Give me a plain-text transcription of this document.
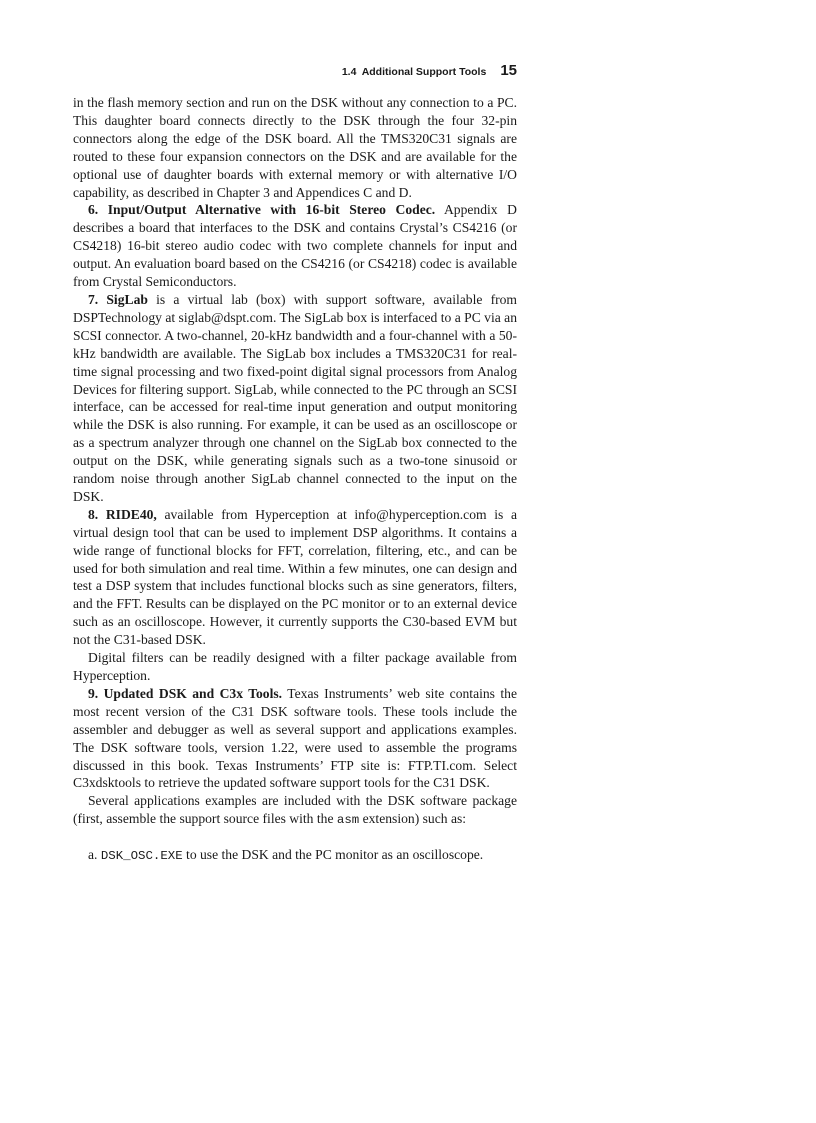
1.4 Additional Support Tools 15

in the flash memory section and run on the DSK without any connection to a PC. This daughter board connects directly to the DSK through the four 32-pin connectors along the edge of the DSK board. All the TMS320C31 signals are routed to these four expansion connectors on the DSK and are available for the optional use of daughter boards with external memory or with alternative I/O capability, as described in Chapter 3 and Appendices C and D.

6. Input/Output Alternative with 16-bit Stereo Codec. Appendix D describes a board that interfaces to the DSK and contains Crystal’s CS4216 (or CS4218) 16-bit stereo audio codec with two complete channels for input and output. An evaluation board based on the CS4216 (or CS4218) codec is available from Crystal Semiconductors.

7. SigLab is a virtual lab (box) with support software, available from DSPTechnology at siglab@dspt.com. The SigLab box is interfaced to a PC via an SCSI connector. A two-channel, 20-kHz bandwidth and a four-channel with a 50-kHz bandwidth are available. The SigLab box includes a TMS320C31 for real-time signal processing and two fixed-point digital signal processors from Analog Devices for filtering support. SigLab, while connected to the PC through an SCSI interface, can be accessed for real-time input generation and output monitoring while the DSK is also running. For example, it can be used as an oscilloscope or as a spectrum analyzer through one channel on the SigLab box connected to the output on the DSK, while generating signals such as a two-tone sinusoid or random noise through another SigLab channel connected to the input on the DSK.

8. RIDE40, available from Hyperception at info@hyperception.com is a virtual design tool that can be used to implement DSP algorithms. It contains a wide range of functional blocks for FFT, correlation, filtering, etc., and can be used for both simulation and real time. Within a few minutes, one can design and test a DSP system that includes functional blocks such as sine generators, filters, and the FFT. Results can be displayed on the PC monitor or to an external device such as an oscilloscope. However, it currently supports the C30-based EVM but not the C31-based DSK.

Digital filters can be readily designed with a filter package available from Hyperception.

9. Updated DSK and C3x Tools. Texas Instruments’ web site contains the most recent version of the C31 DSK software tools. These tools include the assembler and debugger as well as several support and applications examples. The DSK software tools, version 1.22, were used to assemble the programs discussed in this book. Texas Instruments’ FTP site is: FTP.TI.com. Select C3xdsktools to retrieve the updated software support tools for the C31 DSK.

Several applications examples are included with the DSK software package (first, assemble the support source files with the asm extension) such as:

a. DSK_OSC.EXE to use the DSK and the PC monitor as an oscilloscope.
